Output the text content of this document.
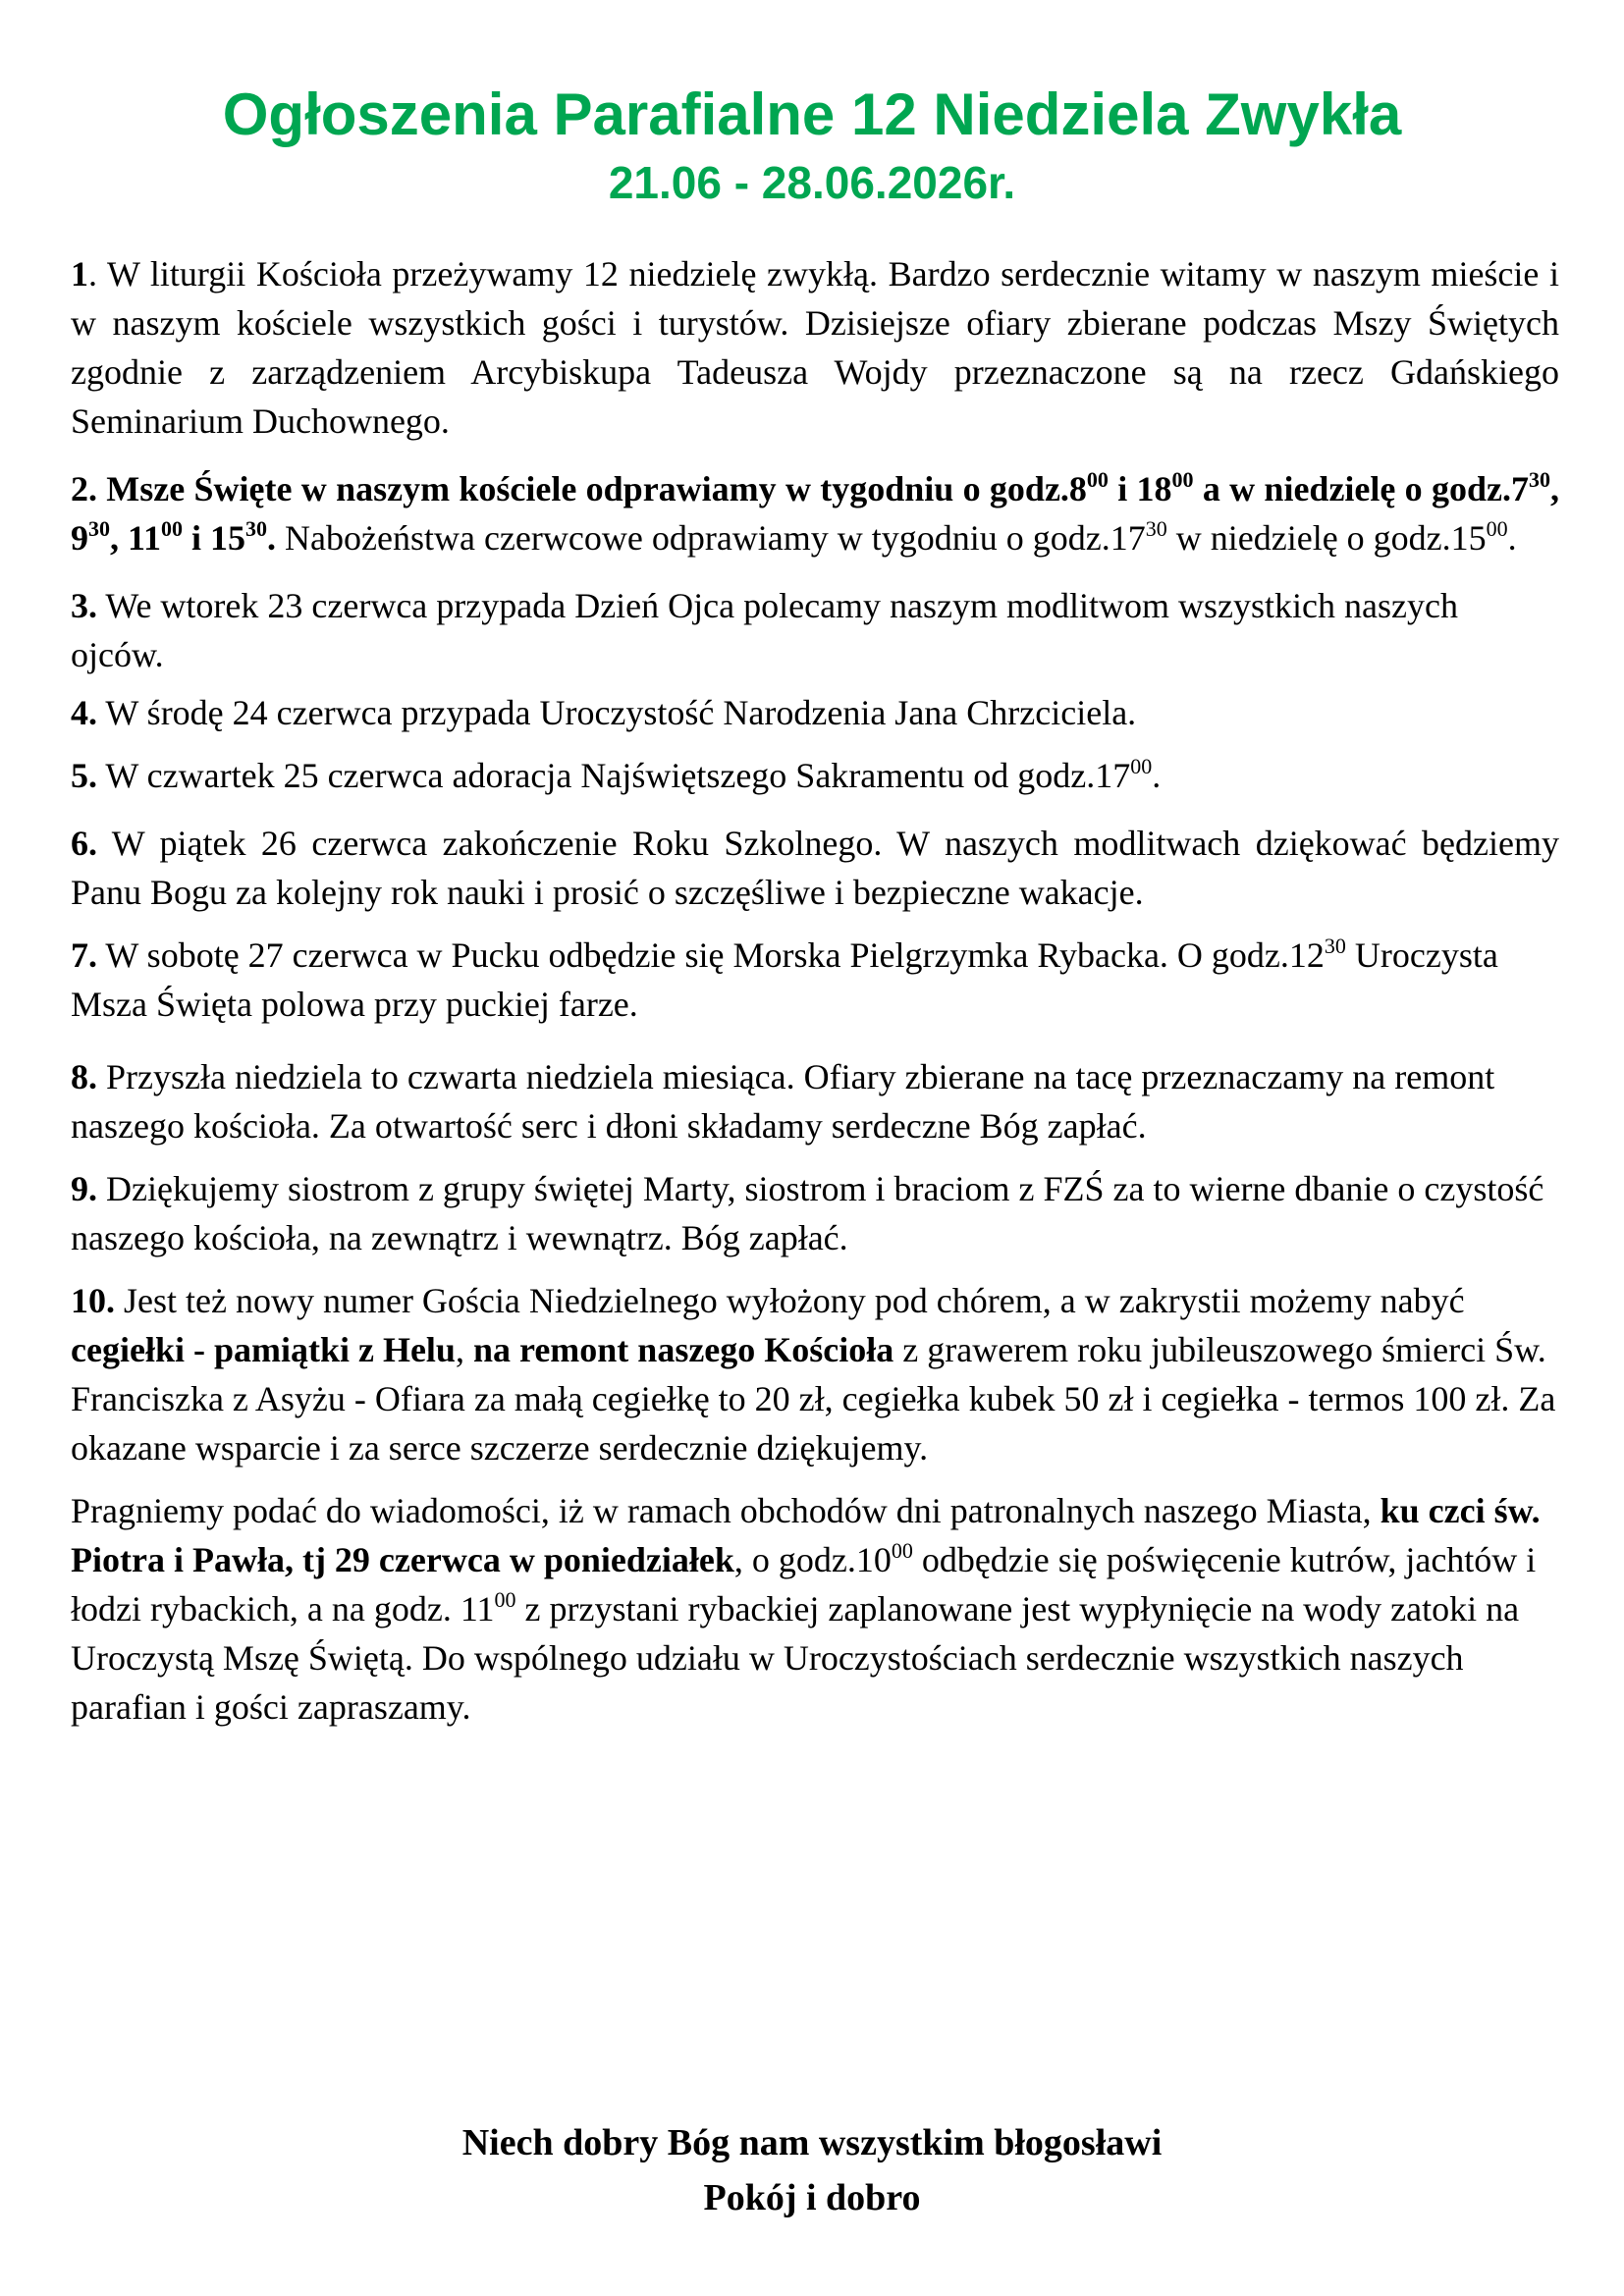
Ogłoszenia Parafialne 12 Niedziela Zwykła
21.06 - 28.06.2026r.

1. W liturgii Kościoła przeżywamy 12 niedzielę zwykłą. Bardzo serdecznie witamy w naszym mieście i w naszym kościele wszystkich gości i turystów. Dzisiejsze ofiary zbierane podczas Mszy Świętych zgodnie z zarządzeniem Arcybiskupa Tadeusza Wojdy przeznaczone są na rzecz Gdańskiego Seminarium Duchownego.

2. Msze Święte w naszym kościele odprawiamy w tygodniu o $godz.8^{00}$ i $18^{00}$ a w niedzielę o $godz.7^{30}$, $9^{30}$, $11^{00}$ i $15^{30}$. Nabożeństwa czerwcowe odprawiamy w tygodniu o $godz.17^{30}$ w niedzielę o $godz.15^{00}$.

3. We wtorek 23 czerwca przypada Dzień Ojca polecamy naszym modlitwom wszystkich naszych ojców.

4. W środę 24 czerwca przypada Uroczystość Narodzenia Jana Chrzciciela.

5. W czwartek 25 czerwca adoracja Najświętszego Sakramentu od $godz.17^{00}$.

6. W piątek 26 czerwca zakończenie Roku Szkolnego. W naszych modlitwach dziękować będziemy Panu Bogu za kolejny rok nauki i prosić o szczęśliwe i bezpieczne wakacje.

7. W sobotę 27 czerwca w Pucku odbędzie się Morska Pielgrzymka Rybacka. O $godz.12^{30}$ Uroczysta Msza Święta polowa przy puckiej farze.

8. Przyszła niedziela to czwarta niedziela miesiąca. Ofiary zbierane na tacę przeznaczamy na remont naszego kościoła. Za otwartość serc i dłoni składamy serdeczne Bóg zapłać.

9. Dziękujemy siostrom z grupy świętej Marty, siostrom i braciom z FZŚ za to wierne dbanie o czystość naszego kościoła, na zewnątrz i wewnątrz. Bóg zapłać.

10. Jest też nowy numer Gościa Niedzielnego wyłożony pod chórem, a w zakrystii możemy nabyć cegiełki - pamiątki z Helu, na remont naszego Kościoła z grawerem roku jubileuszowego śmierci Św. Franciszka z Asyżu - Ofiara za małą cegiełkę to 20 zł, cegiełka kubek 50 zł i cegiełka - termos 100 zł. Za okazane wsparcie i za serce szczerze serdecznie dziękujemy.

Pragniemy podać do wiadomości, iż w ramach obchodów dni patronalnych naszego Miasta, ku czci św. Piotra i Pawła, tj 29 czerwca w poniedziałek, o $godz.10^{00}$ odbędzie się poświęcenie kutrów, jachtów i łodzi rybackich, a na godz. $11^{00}$ z przystani rybackiej zaplanowane jest wypłynięcie na wody zatoki na Uroczystą Mszę Świętą. Do wspólnego udziału w Uroczystościach serdecznie wszystkich naszych parafian i gości zapraszamy.

Niech dobry Bóg nam wszystkim błogosławi
Pokój i dobro
